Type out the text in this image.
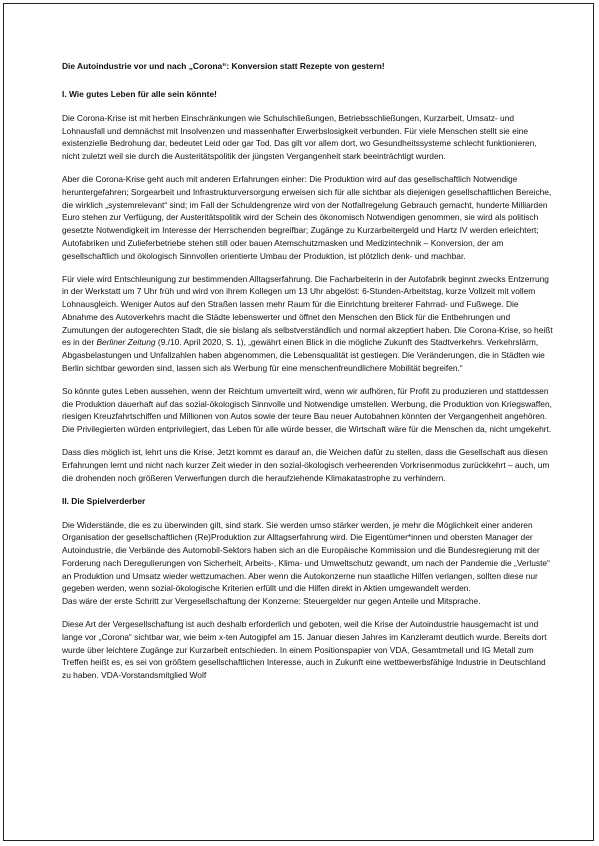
Die Autoindustrie vor und nach „Corona“: Konversion statt Rezepte von gestern!

I. Wie gutes Leben für alle sein könnte!

Die Corona-Krise ist mit herben Einschränkungen wie Schulschließungen, Betriebsschließungen, Kurzarbeit, Umsatz- und Lohnausfall und demnächst mit Insolvenzen und massenhafter Erwerbslosigkeit verbunden. Für viele Menschen stellt sie eine existenzielle Bedrohung dar, bedeutet Leid oder gar Tod. Das gilt vor allem dort, wo Gesundheitssysteme schlecht funktionieren, nicht zuletzt weil sie durch die Austeritätspolitik der jüngsten Vergangenheit stark beeinträchtigt wurden.

Aber die Corona-Krise geht auch mit anderen Erfahrungen einher: Die Produktion wird auf das gesellschaftlich Notwendige heruntergefahren; Sorgearbeit und Infrastrukturversorgung erweisen sich für alle sichtbar als diejenigen gesellschaftlichen Bereiche, die wirklich „systemrelevant“ sind; im Fall der Schuldengrenze wird von der Notfallregelung Gebrauch gemacht, hunderte Milliarden Euro stehen zur Verfügung, der Austeritätspolitik wird der Schein des ökonomisch Notwendigen genommen, sie wird als politisch gesetzte Notwendigkeit im Interesse der Herrschenden begreifbar; Zugänge zu Kurzarbeitergeld und Hartz IV werden erleichtert; Autofabriken und Zulieferbetriebe stehen still oder bauen Atemschutzmasken und Medizintechnik – Konversion, der am gesellschaftlich und ökologisch Sinnvollen orientierte Umbau der Produktion, ist plötzlich denk- und machbar.

Für viele wird Entschleunigung zur bestimmenden Alltagserfahrung. Die Facharbeiterin in der Autofabrik beginnt zwecks Entzerrung in der Werkstatt um 7 Uhr früh und wird von ihrem Kollegen um 13 Uhr abgelöst: 6-Stunden-Arbeitstag, kurze Vollzeit mit vollem Lohnausgleich. Weniger Autos auf den Straßen lassen mehr Raum für die Einrichtung breiterer Fahrrad- und Fußwege. Die Abnahme des Autoverkehrs macht die Städte lebenswerter und öffnet den Menschen den Blick für die Entbehrungen und Zumutungen der autogerechten Stadt, die sie bislang als selbstverständlich und normal akzeptiert haben. Die Corona-Krise, so heißt es in der Berliner Zeitung (9./10. April 2020, S. 1), „gewährt einen Blick in die mögliche Zukunft des Stadtverkehrs. Verkehrslärm, Abgasbelastungen und Unfallzahlen haben abgenommen, die Lebensqualität ist gestiegen. Die Veränderungen, die in Städten wie Berlin sichtbar geworden sind, lassen sich als Werbung für eine menschenfreundlichere Mobilität begreifen.“

So könnte gutes Leben aussehen, wenn der Reichtum umverteilt wird, wenn wir aufhören, für Profit zu produzieren und stattdessen die Produktion dauerhaft auf das sozial-ökologisch Sinnvolle und Notwendige umstellen. Werbung, die Produktion von Kriegswaffen, riesigen Kreuzfahrtschiffen und Millionen von Autos sowie der teure Bau neuer Autobahnen könnten der Vergangenheit angehören. Die Privilegierten würden entprivilegiert, das Leben für alle würde besser, die Wirtschaft wäre für die Menschen da, nicht umgekehrt.

Dass dies möglich ist, lehrt uns die Krise. Jetzt kommt es darauf an, die Weichen dafür zu stellen, dass die Gesellschaft aus diesen Erfahrungen lernt und nicht nach kurzer Zeit wieder in den sozial-ökologisch verheerenden Vorkrisenmodus zurückkehrt – auch, um die drohenden noch größeren Verwerfungen durch die heraufziehende Klimakatastrophe zu verhindern.

II. Die Spielverderber

Die Widerstände, die es zu überwinden gilt, sind stark. Sie werden umso stärker werden, je mehr die Möglichkeit einer anderen Organisation der gesellschaftlichen (Re)Produktion zur Alltagserfahrung wird. Die Eigentümer*innen und obersten Manager der Autoindustrie, die Verbände des Automobil-Sektors haben sich an die Europäische Kommission und die Bundesregierung mit der Forderung nach Deregulierungen von Sicherheit, Arbeits-, Klima- und Umweltschutz gewandt, um nach der Pandemie die „Verluste“ an Produktion und Umsatz wieder wettzumachen. Aber wenn die Autokonzerne nun staatliche Hilfen verlangen, sollten diese nur gegeben werden, wenn sozial-ökologische Kriterien erfüllt und die Hilfen direkt in Aktien umgewandelt werden.

Das wäre der erste Schritt zur Vergesellschaftung der Konzerne: Steuergelder nur gegen Anteile und Mitsprache.

Diese Art der Vergesellschaftung ist auch deshalb erforderlich und geboten, weil die Krise der Autoindustrie hausgemacht ist und lange vor „Corona“ sichtbar war, wie beim x-ten Autogipfel am 15. Januar diesen Jahres im Kanzleramt deutlich wurde. Bereits dort wurde über leichtere Zugänge zur Kurzarbeit entschieden. In einem Positionspapier von VDA, Gesamtmetall und IG Metall zum Treffen heißt es, es sei von größtem gesellschaftlichen Interesse, auch in Zukunft eine wettbewerbsfähige Industrie in Deutschland zu haben. VDA-Vorstandsmitglied Wolf
